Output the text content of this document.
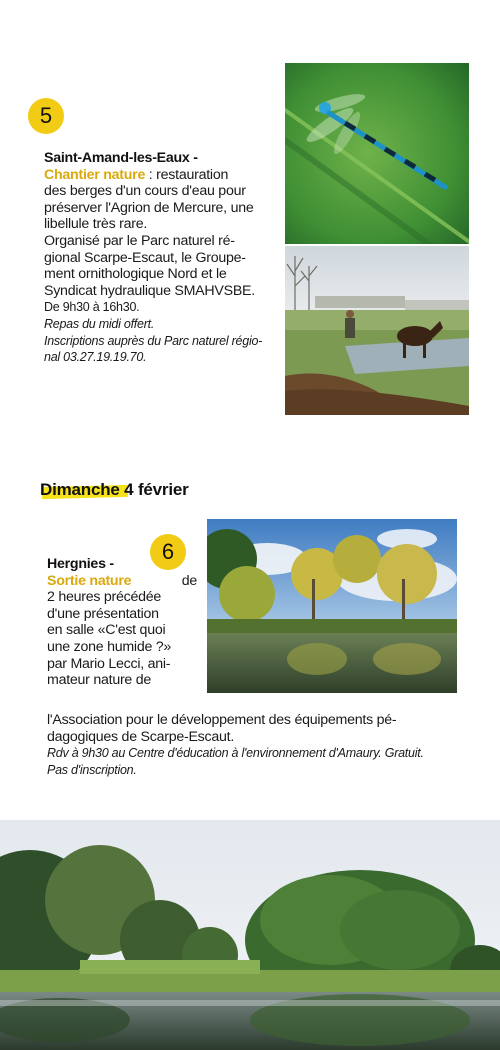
5
Saint-Amand-les-Eaux -
Chantier nature : restauration
des berges d'un cours d'eau pour
préserver l'Agrion de Mercure, une
libellule très rare.
Organisé par le Parc naturel ré-
gional Scarpe-Escaut, le Groupe-
ment ornithologique Nord et le
Syndicat hydraulique SMAHVSBE.
De 9h30 à 16h30.
Repas du midi offert.
Inscriptions auprès du Parc naturel régio-
nal 03.27.19.19.70.
Dimanche 4 février
6
Hergnies -
Sortie nature	de
2 heures précédée
d'une présentation
en salle «C'est quoi
une zone humide ?»
par Mario Lecci, ani-
mateur nature de
l'Association pour le développement des équipements pé-
dagogiques de Scarpe-Escaut.
Rdv à 9h30 au Centre d'éducation à l'environnement d'Amaury. Gratuit.
Pas d'inscription.
